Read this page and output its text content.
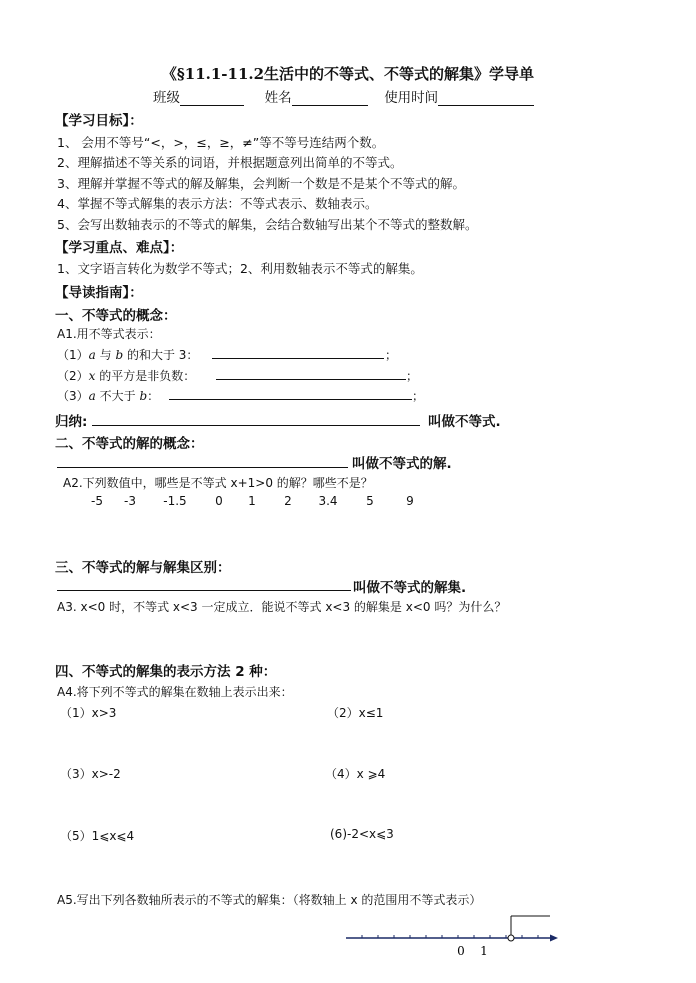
《§11.1-11.2生活中的不等式、不等式的解集》学导单
班级	姓名	使用时间
【学习目标】：
1、 会用不等号“<，>，≤，≥，≠”等不等号连结两个数。
2、理解描述不等关系的词语，并根据题意列出简单的不等式。
3、理解并掌握不等式的解及解集，会判断一个数是不是某个不等式的解。
4、掌握不等式解集的表示方法：不等式表示、数轴表示。
5、会写出数轴表示的不等式的解集，会结合数轴写出某个不等式的整数解。
【学习重点、难点】：
1、文字语言转化为数学不等式；2、利用数轴表示不等式的解集。
【导读指南】：
一、不等式的概念：
A1.用不等式表示：
（1）a 与 b 的和大于 3：	；
（2）x 的平方是非负数：	；
（3）a 不大于 b：	；
归纳:	叫做不等式.
二、不等式的解的概念：
叫做不等式的解.
A2.下列数值中，哪些是不等式 x+1>0 的解？哪些不是？
-5 -3 -1.5 0 1 2 3.4 5	9
三、不等式的解与解集区别：
叫做不等式的解集.
A3. x<0 时，不等式 x<3 一定成立．能说不等式 x<3 的解集是 x<0 吗？为什么？
四、不等式的解集的表示方法 2 种：
A4.将下列不等式的解集在数轴上表示出来：
（1）x>3	（2）x≤1
（3）x>-2	（4）x ⩾4
（5）1⩽x⩽4	(6)-2<x⩽3
A5.写出下列各数轴所表示的不等式的解集：（将数轴上 x 的范围用不等式表示）
0 1
